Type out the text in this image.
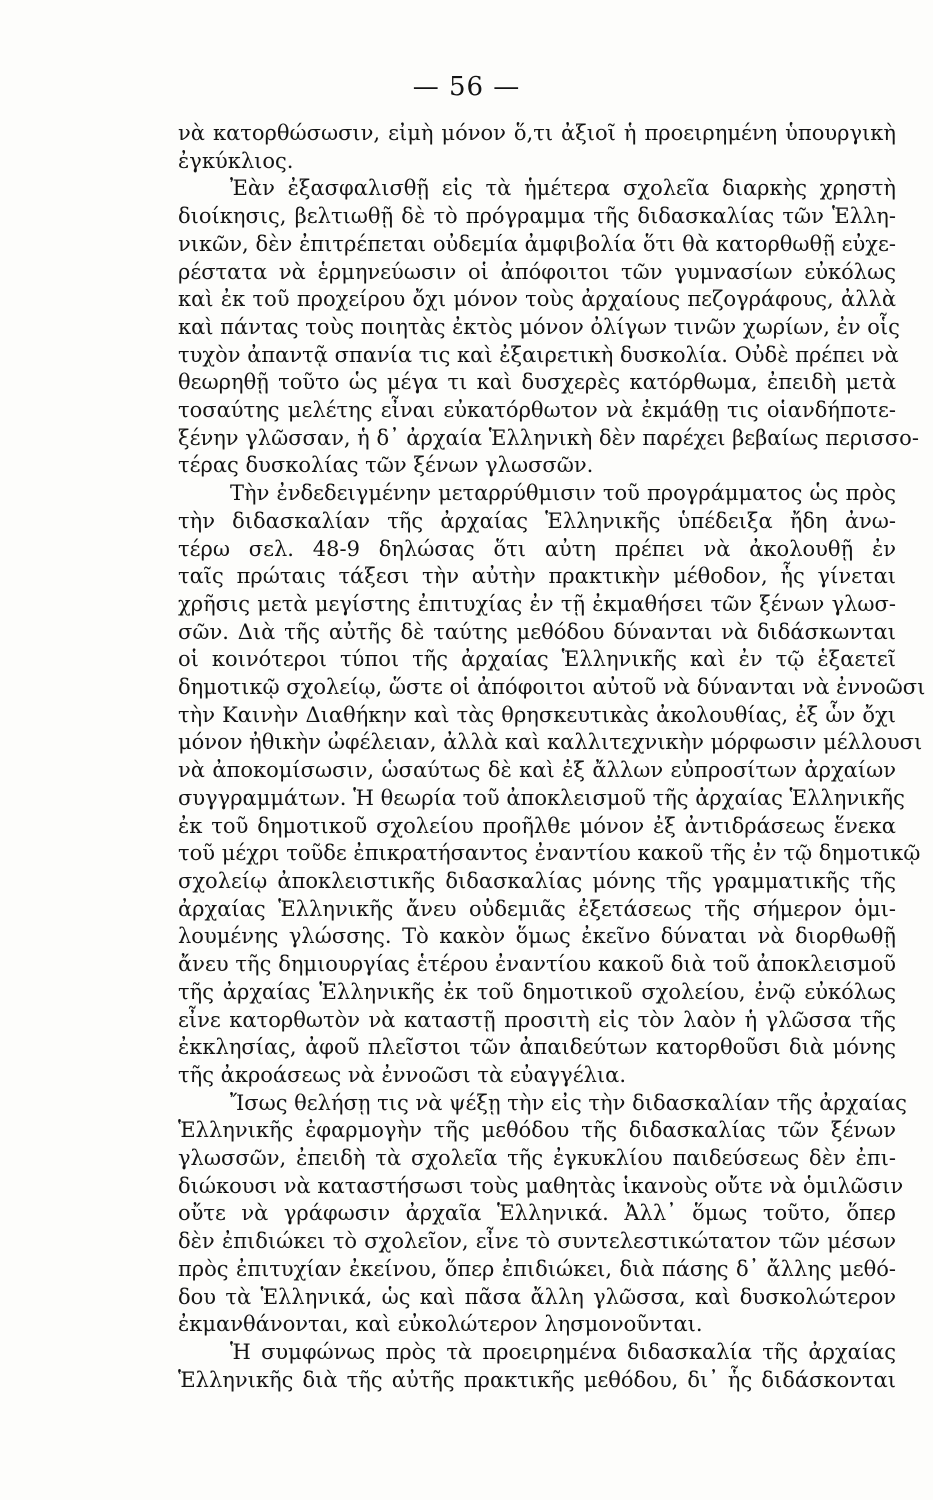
— 56 —
νὰ κατορθώσωσιν, εἰμὴ μόνον ὅ,τι ἀξιοῖ ἡ προειρημένη ὑπουργικὴ
ἐγκύκλιος.
Ἐὰν ἐξασφαλισθῇ εἰς τὰ ἡμέτερα σχολεῖα διαρκὴς χρηστὴ
διοίκησις, βελτιωθῇ δὲ τὸ πρόγραμμα τῆς διδασκαλίας τῶν Ἑλλη-
νικῶν, δὲν ἐπιτρέπεται οὐδεμία ἀμφιβολία ὅτι θὰ κατορθωθῇ εὐχε-
ρέστατα νὰ ἑρμηνεύωσιν οἱ ἀπόφοιτοι τῶν γυμνασίων εὐκόλως
καὶ ἐκ τοῦ προχείρου ὄχι μόνον τοὺς ἀρχαίους πεζογράφους, ἀλλὰ
καὶ πάντας τοὺς ποιητὰς ἐκτὸς μόνον ὀλίγων τινῶν χωρίων, ἐν οἷς
τυχὸν ἀπαντᾷ σπανία τις καὶ ἐξαιρετικὴ δυσκολία. Οὐδὲ πρέπει νὰ
θεωρηθῇ τοῦτο ὡς μέγα τι καὶ δυσχερὲς κατόρθωμα, ἐπειδὴ μετὰ
τοσαύτης μελέτης εἶναι εὐκατόρθωτον νὰ ἐκμάθῃ τις οἱανδήποτε-
ξένην γλῶσσαν, ἡ δ᾽ ἀρχαία Ἑλληνικὴ δὲν παρέχει βεβαίως περισσο-
τέρας δυσκολίας τῶν ξένων γλωσσῶν.
Τὴν ἐνδεδειγμένην μεταρρύθμισιν τοῦ προγράμματος ὡς πρὸς
τὴν διδασκαλίαν τῆς ἀρχαίας Ἑλληνικῆς ὑπέδειξα ἤδη ἀνω-
τέρω σελ. 48-9 δηλώσας ὅτι αὐτη πρέπει νὰ ἀκολουθῇ ἐν
ταῖς πρώταις τάξεσι τὴν αὐτὴν πρακτικὴν μέθοδον, ἧς γίνεται
χρῆσις μετὰ μεγίστης ἐπιτυχίας ἐν τῇ ἐκμαθήσει τῶν ξένων γλωσ-
σῶν. Διὰ τῆς αὐτῆς δὲ ταύτης μεθόδου δύνανται νὰ διδάσκωνται
οἱ κοινότεροι τύποι τῆς ἀρχαίας Ἑλληνικῆς καὶ ἐν τῷ ἑξαετεῖ
δημοτικῷ σχολείῳ, ὥστε οἱ ἀπόφοιτοι αὐτοῦ νὰ δύνανται νὰ ἐννοῶσι
τὴν Καινὴν Διαθήκην καὶ τὰς θρησκευτικὰς ἀκολουθίας, ἐξ ὧν ὄχι
μόνον ἠθικὴν ὠφέλειαν, ἀλλὰ καὶ καλλιτεχνικὴν μόρφωσιν μέλλουσι
νὰ ἀποκομίσωσιν, ὡσαύτως δὲ καὶ ἐξ ἄλλων εὐπροσίτων ἀρχαίων
συγγραμμάτων. Ἡ θεωρία τοῦ ἀποκλεισμοῦ τῆς ἀρχαίας Ἑλληνικῆς
ἐκ τοῦ δημοτικοῦ σχολείου προῆλθε μόνον ἐξ ἀντιδράσεως ἕνεκα
τοῦ μέχρι τοῦδε ἐπικρατήσαντος ἐναντίου κακοῦ τῆς ἐν τῷ δημοτικῷ
σχολείῳ ἀποκλειστικῆς διδασκαλίας μόνης τῆς γραμματικῆς τῆς
ἀρχαίας Ἑλληνικῆς ἄνευ οὐδεμιᾶς ἐξετάσεως τῆς σήμερον ὁμι-
λουμένης γλώσσης. Τὸ κακὸν ὅμως ἐκεῖνο δύναται νὰ διορθωθῇ
ἄνευ τῆς δημιουργίας ἑτέρου ἐναντίου κακοῦ διὰ τοῦ ἀποκλεισμοῦ
τῆς ἀρχαίας Ἑλληνικῆς ἐκ τοῦ δημοτικοῦ σχολείου, ἐνῷ εὐκόλως
εἶνε κατορθωτὸν νὰ καταστῇ προσιτὴ εἰς τὸν λαὸν ἡ γλῶσσα τῆς
ἐκκλησίας, ἀφοῦ πλεῖστοι τῶν ἀπαιδεύτων κατορθοῦσι διὰ μόνης
τῆς ἀκροάσεως νὰ ἐννοῶσι τὰ εὐαγγέλια.
Ἴσως θελήσῃ τις νὰ ψέξῃ τὴν εἰς τὴν διδασκαλίαν τῆς ἀρχαίας
Ἑλληνικῆς ἐφαρμογὴν τῆς μεθόδου τῆς διδασκαλίας τῶν ξένων
γλωσσῶν, ἐπειδὴ τὰ σχολεῖα τῆς ἐγκυκλίου παιδεύσεως δὲν ἐπι-
διώκουσι νὰ καταστήσωσι τοὺς μαθητὰς ἱκανοὺς οὔτε νὰ ὁμιλῶσιν
οὔτε νὰ γράφωσιν ἀρχαῖα Ἑλληνικά. Ἀλλ᾽ ὅμως τοῦτο, ὅπερ
δὲν ἐπιδιώκει τὸ σχολεῖον, εἶνε τὸ συντελεστικώτατον τῶν μέσων
πρὸς ἐπιτυχίαν ἐκείνου, ὅπερ ἐπιδιώκει, διὰ πάσης δ᾽ ἄλλης μεθό-
δου τὰ Ἑλληνικά, ὡς καὶ πᾶσα ἄλλη γλῶσσα, καὶ δυσκολώτερον
ἐκμανθάνονται, καὶ εὐκολώτερον λησμονοῦνται.
Ἡ συμφώνως πρὸς τὰ προειρημένα διδασκαλία τῆς ἀρχαίας
Ἑλληνικῆς διὰ τῆς αὐτῆς πρακτικῆς μεθόδου, δι᾽ ἧς διδάσκονται
